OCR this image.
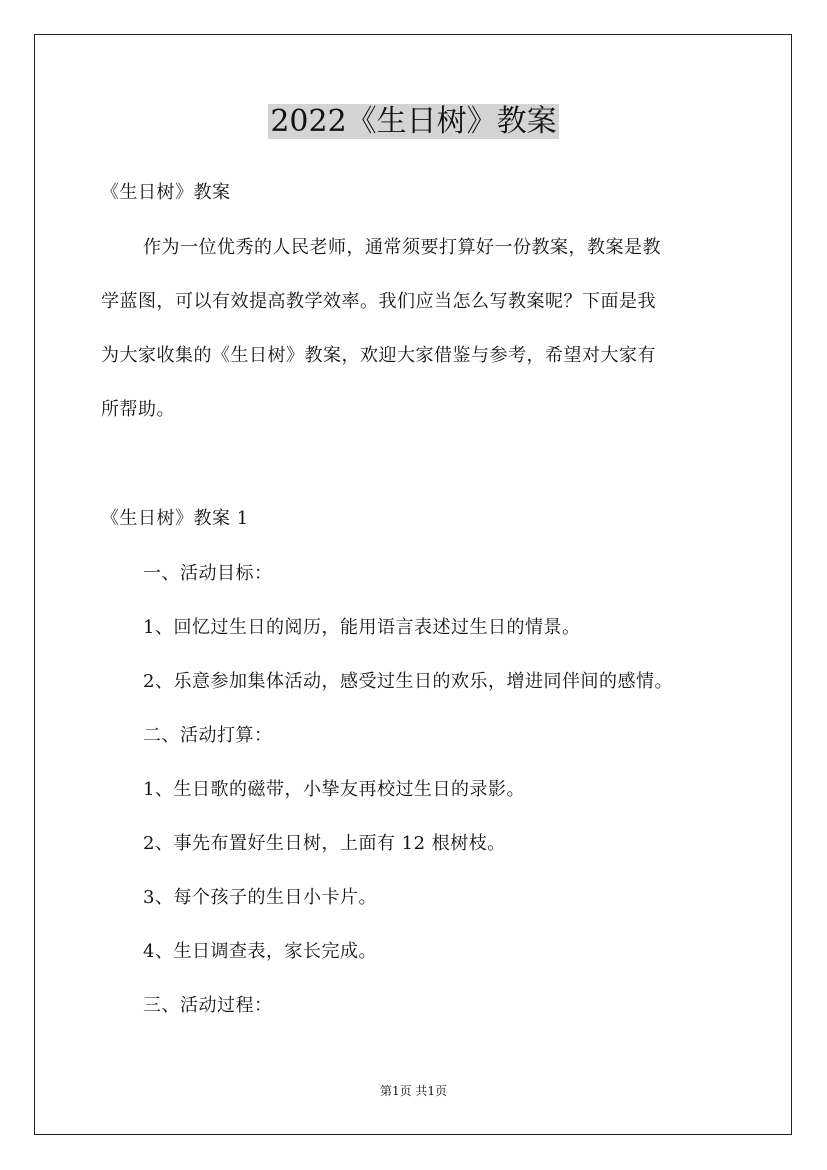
2022《生日树》教案
《生日树》教案
作为一位优秀的人民老师，通常须要打算好一份教案，教案是教
学蓝图，可以有效提高教学效率。我们应当怎么写教案呢？下面是我
为大家收集的《生日树》教案，欢迎大家借鉴与参考，希望对大家有
所帮助。
《生日树》教案 1
一、活动目标：
1、回忆过生日的阅历，能用语言表述过生日的情景。
2、乐意参加集体活动，感受过生日的欢乐，增进同伴间的感情。
二、活动打算：
1、生日歌的磁带，小挚友再校过生日的录影。
2、事先布置好生日树，上面有 12 根树枝。
3、每个孩子的生日小卡片。
4、生日调查表，家长完成。
三、活动过程：
第1页 共1页
